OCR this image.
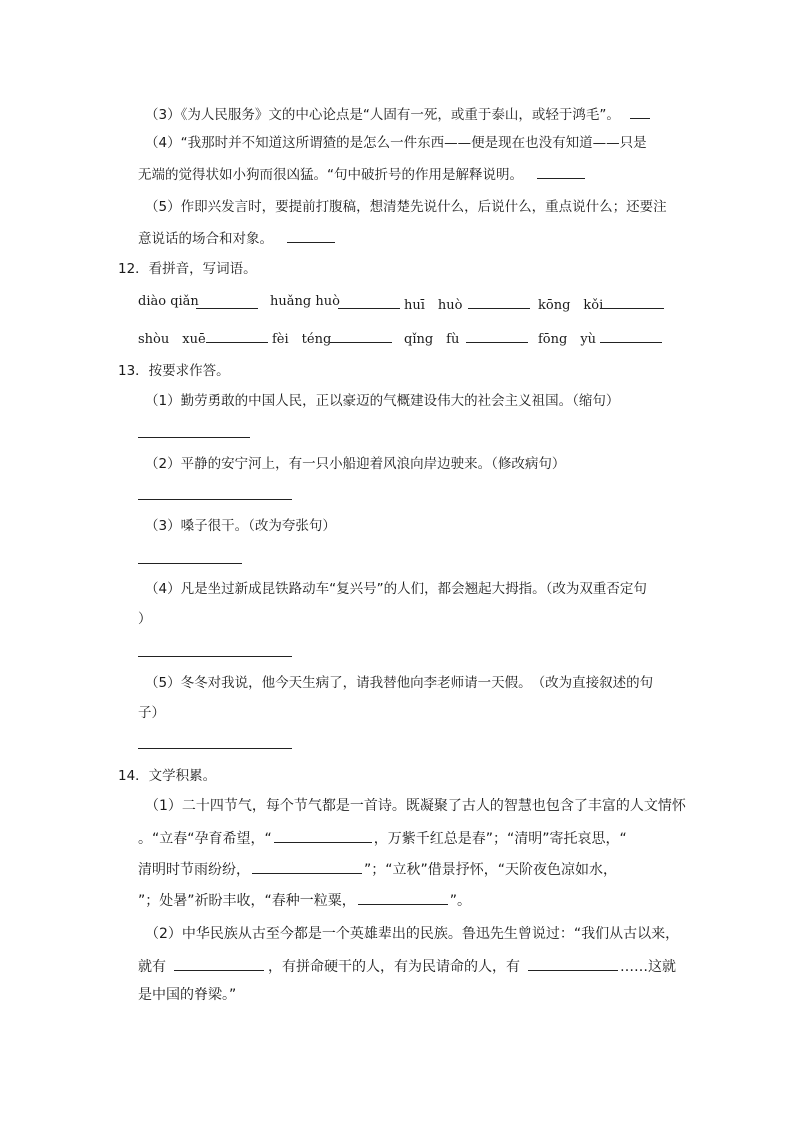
（3）《为人民服务》文的中心论点是“人固有一死，或重于泰山，或轻于鸿毛”。
（4）“我那时并不知道这所谓猹的是怎么一件东西——便是现在也没有知道——只是
无端的觉得状如小狗而很凶猛。“句中破折号的作用是解释说明。
（5）作即兴发言时，要提前打腹稿，想清楚先说什么，后说什么，重点说什么；还要注
意说话的场合和对象。
12．看拼音，写词语。
diào qiǎn	huǎng huò	huī　huò	kōng　kǒi
shòu　xuē	fèi　téng	qǐng　fù	fōng　yù
13．按要求作答。
（1）勤劳勇敢的中国人民，正以豪迈的气概建设伟大的社会主义祖国。（缩句）
（2）平静的安宁河上，有一只小船迎着风浪向岸边驶来。（修改病句）
（3）嗓子很干。（改为夸张句）
（4）凡是坐过新成昆铁路动车“复兴号”的人们，都会翘起大拇指。（改为双重否定句
）
（5）冬冬对我说，他今天生病了，请我替他向李老师请一天假。　（改为直接叙述的句
子）
14．文学积累。
（1）二十四节气，每个节气都是一首诗。既凝聚了古人的智慧也包含了丰富的人文情怀
。“立春“孕育希望，“	，万紫千红总是春”；“清明”寄托哀思，“
清明时节雨纷纷，	”；“立秋”借景抒怀，“天阶夜色凉如水，
”；处暑”祈盼丰收，“春种一粒粟，	”。
（2）中华民族从古至今都是一个英雄辈出的民族。鲁迅先生曾说过：“我们从古以来，
就有	，有拼命硬干的人，有为民请命的人，有	……这就
是中国的脊梁。”
